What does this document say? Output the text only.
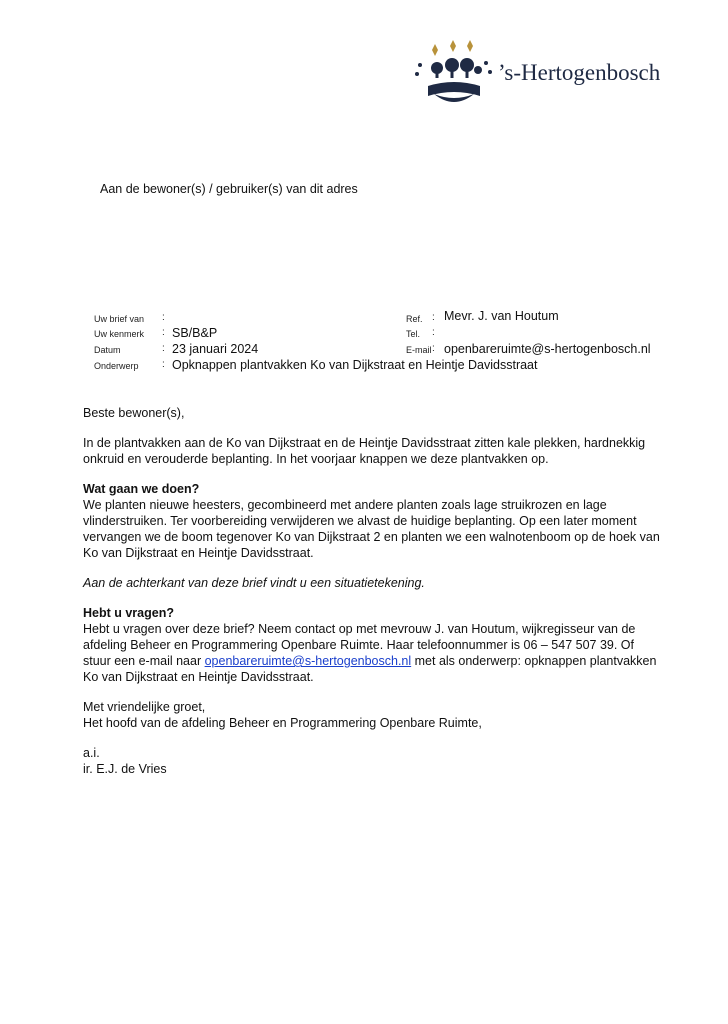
’s-Hertogenbosch
Aan de bewoner(s) / gebruiker(s) van dit adres
Uw brief van :
Uw kenmerk : SB/B&P
Datum	: 23 januari 2024
Onderwerp : Opknappen plantvakken Ko van Dijkstraat en Heintje Davidsstraat
Ref. : Mevr. J. van Houtum
Tel. :
E-mail : openbareruimte@s-hertogenbosch.nl

Beste bewoner(s),

In de plantvakken aan de Ko van Dijkstraat en de Heintje Davidsstraat zitten kale plekken, hardnekkig onkruid en verouderde beplanting. In het voorjaar knappen we deze plantvakken op.

Wat gaan we doen?

We planten nieuwe heesters, gecombineerd met andere planten zoals lage struikrozen en lage vlinderstruiken. Ter voorbereiding verwijderen we alvast de huidige beplanting. Op een later moment vervangen we de boom tegenover Ko van Dijkstraat 2 en planten we een walnotenboom op de hoek van Ko van Dijkstraat en Heintje Davidsstraat.

Aan de achterkant van deze brief vindt u een situatietekening.

Hebt u vragen?

Hebt u vragen over deze brief? Neem contact op met mevrouw J. van Houtum, wijkregisseur van de afdeling Beheer en Programmering Openbare Ruimte. Haar telefoonnummer is 06 – 547 507 39. Of stuur een e-mail naar openbareruimte@s-hertogenbosch.nl met als onderwerp: opknappen plantvakken Ko van Dijkstraat en Heintje Davidsstraat.

Met vriendelijke groet,

Het hoofd van de afdeling Beheer en Programmering Openbare Ruimte,

a.i.

ir. E.J. de Vries
